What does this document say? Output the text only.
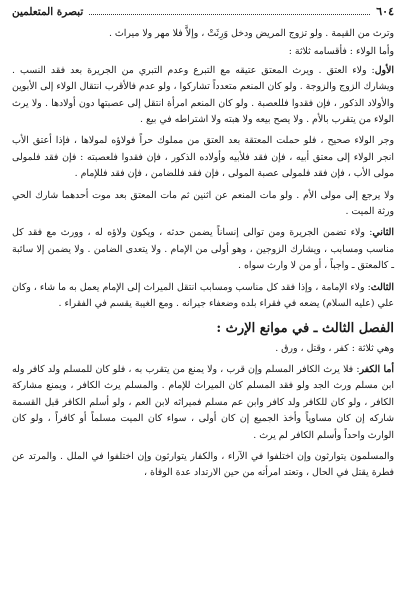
٦٠٤
تبصرة المتعلمين

وترث من القيمة . ولو تزوج المريض ودخل وَرِثَتْ ، وإلاَّ فلا مهر ولا ميراث .

وأما الولاء : فأقسامه ثلاثة :

الأول: ولاء العتق . ويرث المعتق عتيقه مع التبرع وعدم التبري من الجريرة بعد فقد النسب . ويشارك الزوج والزوجة . ولو كان المنعم متعدداً تشاركوا ، ولو عدم فالأقرب انتقال الولاء إلى الأبوين والأولاد الذكور ، فإن فقدوا فللعصبة . ولو كان المنعم امرأة انتقل إلى عصبتها دون أولادها . ولا يرث الولاء من يتقرب بالأم . ولا يصح بيعه ولا هبته ولا اشتراطه في بيع .

وجر الولاء صحيح ، فلو حملت المعتقة بعد العتق من مملوك حراً فولاؤه لمولاها ، فإذا أعتق الأب انجر الولاء إلى معتق أبيه ، فإن فقد فلأبيه وأولاده الذكور ، فإن فقدوا فلعصبته : فإن فقد فلمولى مولى الأب ، فإن فقد فلمولى عصبة المولى ، فإن فقد فللضامن ، فإن فقد فللإمام .

ولا يرجع إلى مولى الأم . ولو مات المنعم عن اثنين ثم مات المعتق بعد موت أحدهما شارك الحي ورثة الميت .

الثاني: ولاء تضمن الجريرة ومن توالى إنساناً يضمن حدثه ، ويكون ولاؤه له ، وورث مع فقد كل مناسب ومسابب ، ويشارك الزوجين ، وهو أولى من الإمام . ولا يتعدى الضامن . ولا يضمن إلا سائبة ـ كالمعتق ـ واجباً ، أو من لا وارث سواه .

الثالث: ولاء الإمامة ، وإذا فقد كل مناسب ومسابب انتقل الميراث إلى الإمام يعمل به ما شاء ، وكان علي (عليه السلام) يضعه في فقراء بلده وضعفاء جيرانه . ومع الغيبة يقسم في الفقراء .

الفصل الثالث ـ في موانع الإرث :

وهي ثلاثة : كفر ، وقتل ، ورق .

أما الكفر: فلا يرث الكافر المسلم وإن قرب ، ولا يمنع من يتقرب به ، فلو كان للمسلم ولد كافر وله ابن مسلم ورث الجد ولو فقد المسلم كان الميراث للإمام . والمسلم يرث الكافر ، ويمنع مشاركة الكافر ، ولو كان للكافر ولد كافر وابن عم مسلم فميراثه لابن العم ، ولو أسلم الكافر قبل القسمة شاركه إن كان مساوياً وأخذ الجميع إن كان أولى ، سواء كان الميت مسلماً أو كافراً ، ولو كان الوارث واحداً وأسلم الكافر لم يرث .

والمسلمون يتوارثون وإن اختلفوا في الآراء ، والكفار يتوارثون وإن اختلفوا في الملل . والمرتد عن فطرة يقتل في الحال ، وتعتد امرأته من حين الارتداد عدة الوفاة ،
